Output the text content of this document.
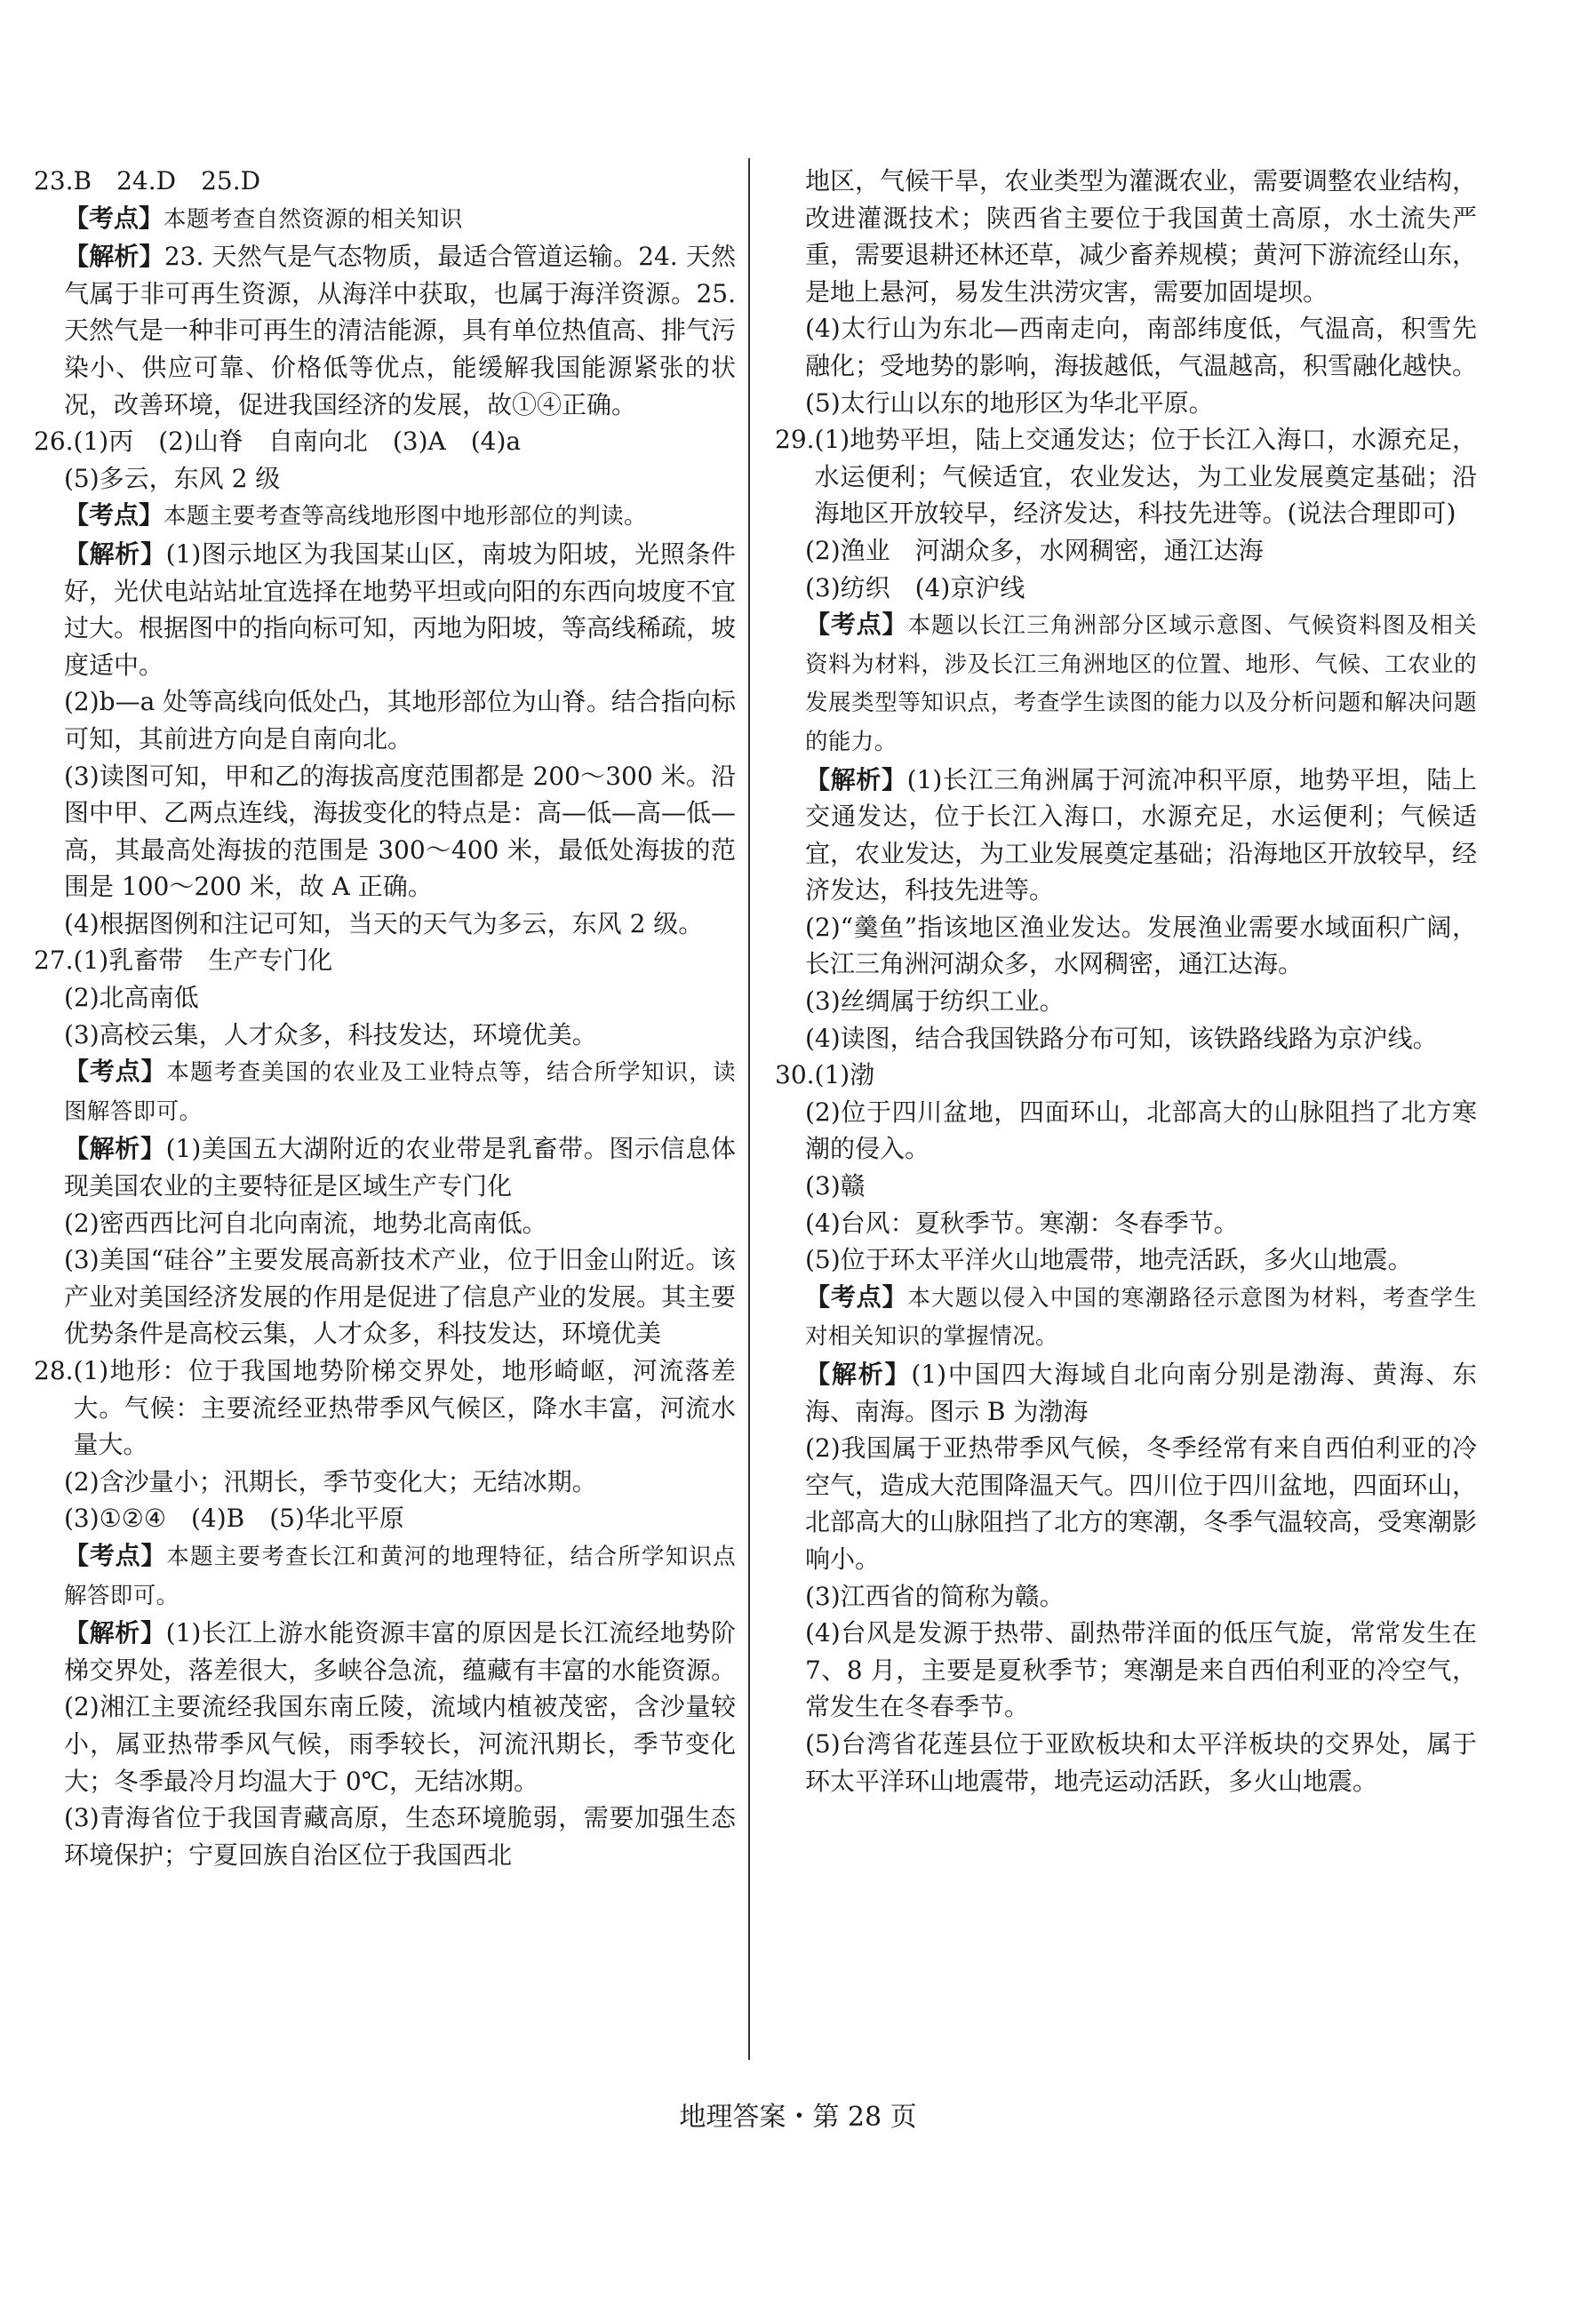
23.B　24.D　25.D

【考点】本题考查自然资源的相关知识

【解析】23. 天然气是气态物质，最适合管道运输。24. 天然气属于非可再生资源，从海洋中获取，也属于海洋资源。25. 天然气是一种非可再生的清洁能源，具有单位热值高、排气污染小、供应可靠、价格低等优点，能缓解我国能源紧张的状况，改善环境，促进我国经济的发展，故①④正确。

26. (1)丙　(2)山脊　自南向北　(3)A　(4)a

(5)多云，东风 2 级

【考点】本题主要考查等高线地形图中地形部位的判读。

【解析】(1)图示地区为我国某山区，南坡为阳坡，光照条件好，光伏电站站址宜选择在地势平坦或向阳的东西向坡度不宜过大。根据图中的指向标可知，丙地为阳坡，等高线稀疏，坡度适中。

(2)b—a 处等高线向低处凸，其地形部位为山脊。结合指向标可知，其前进方向是自南向北。

(3)读图可知，甲和乙的海拔高度范围都是 200～300 米。沿图中甲、乙两点连线，海拔变化的特点是：高—低—高—低—高，其最高处海拔的范围是 300～400 米，最低处海拔的范围是 100～200 米，故 A 正确。

(4)根据图例和注记可知，当天的天气为多云，东风 2 级。

27. (1)乳畜带　生产专门化

(2)北高南低

(3)高校云集，人才众多，科技发达，环境优美。

【考点】本题考查美国的农业及工业特点等，结合所学知识，读图解答即可。

【解析】(1)美国五大湖附近的农业带是乳畜带。图示信息体现美国农业的主要特征是区域生产专门化

(2)密西西比河自北向南流，地势北高南低。

(3)美国“硅谷”主要发展高新技术产业，位于旧金山附近。该产业对美国经济发展的作用是促进了信息产业的发展。其主要优势条件是高校云集，人才众多，科技发达，环境优美

28. (1)地形：位于我国地势阶梯交界处，地形崎岖，河流落差大。气候：主要流经亚热带季风气候区，降水丰富，河流水量大。

(2)含沙量小；汛期长，季节变化大；无结冰期。

(3)①②④　(4)B　(5)华北平原

【考点】本题主要考查长江和黄河的地理特征，结合所学知识点解答即可。

【解析】(1)长江上游水能资源丰富的原因是长江流经地势阶梯交界处，落差很大，多峡谷急流，蕴藏有丰富的水能资源。

(2)湘江主要流经我国东南丘陵，流域内植被茂密，含沙量较小，属亚热带季风气候，雨季较长，河流汛期长，季节变化大；冬季最冷月均温大于 0℃，无结冰期。

(3)青海省位于我国青藏高原，生态环境脆弱，需要加强生态环境保护；宁夏回族自治区位于我国西北

地区，气候干旱，农业类型为灌溉农业，需要调整农业结构，改进灌溉技术；陕西省主要位于我国黄土高原，水土流失严重，需要退耕还林还草，减少畜养规模；黄河下游流经山东，是地上悬河，易发生洪涝灾害，需要加固堤坝。

(4)太行山为东北—西南走向，南部纬度低，气温高，积雪先融化；受地势的影响，海拔越低，气温越高，积雪融化越快。

(5)太行山以东的地形区为华北平原。

29. (1)地势平坦，陆上交通发达；位于长江入海口，水源充足，水运便利；气候适宜，农业发达，为工业发展奠定基础；沿海地区开放较早，经济发达，科技先进等。(说法合理即可)

(2)渔业　河湖众多，水网稠密，通江达海

(3)纺织　(4)京沪线

【考点】本题以长江三角洲部分区域示意图、气候资料图及相关资料为材料，涉及长江三角洲地区的位置、地形、气候、工农业的发展类型等知识点，考查学生读图的能力以及分析问题和解决问题的能力。

【解析】(1)长江三角洲属于河流冲积平原，地势平坦，陆上交通发达，位于长江入海口，水源充足，水运便利；气候适宜，农业发达，为工业发展奠定基础；沿海地区开放较早，经济发达，科技先进等。

(2)“羹鱼”指该地区渔业发达。发展渔业需要水域面积广阔，长江三角洲河湖众多，水网稠密，通江达海。

(3)丝绸属于纺织工业。

(4)读图，结合我国铁路分布可知，该铁路线路为京沪线。

30. (1)渤

(2)位于四川盆地，四面环山，北部高大的山脉阻挡了北方寒潮的侵入。

(3)赣

(4)台风：夏秋季节。寒潮：冬春季节。

(5)位于环太平洋火山地震带，地壳活跃，多火山地震。

【考点】本大题以侵入中国的寒潮路径示意图为材料，考查学生对相关知识的掌握情况。

【解析】(1)中国四大海域自北向南分别是渤海、黄海、东海、南海。图示 B 为渤海

(2)我国属于亚热带季风气候，冬季经常有来自西伯利亚的冷空气，造成大范围降温天气。四川位于四川盆地，四面环山，北部高大的山脉阻挡了北方的寒潮，冬季气温较高，受寒潮影响小。

(3)江西省的简称为赣。

(4)台风是发源于热带、副热带洋面的低压气旋，常常发生在 7、8 月，主要是夏秋季节；寒潮是来自西伯利亚的冷空气，常发生在冬春季节。

(5)台湾省花莲县位于亚欧板块和太平洋板块的交界处，属于环太平洋环山地震带，地壳运动活跃，多火山地震。

地理答案・第 28 页
